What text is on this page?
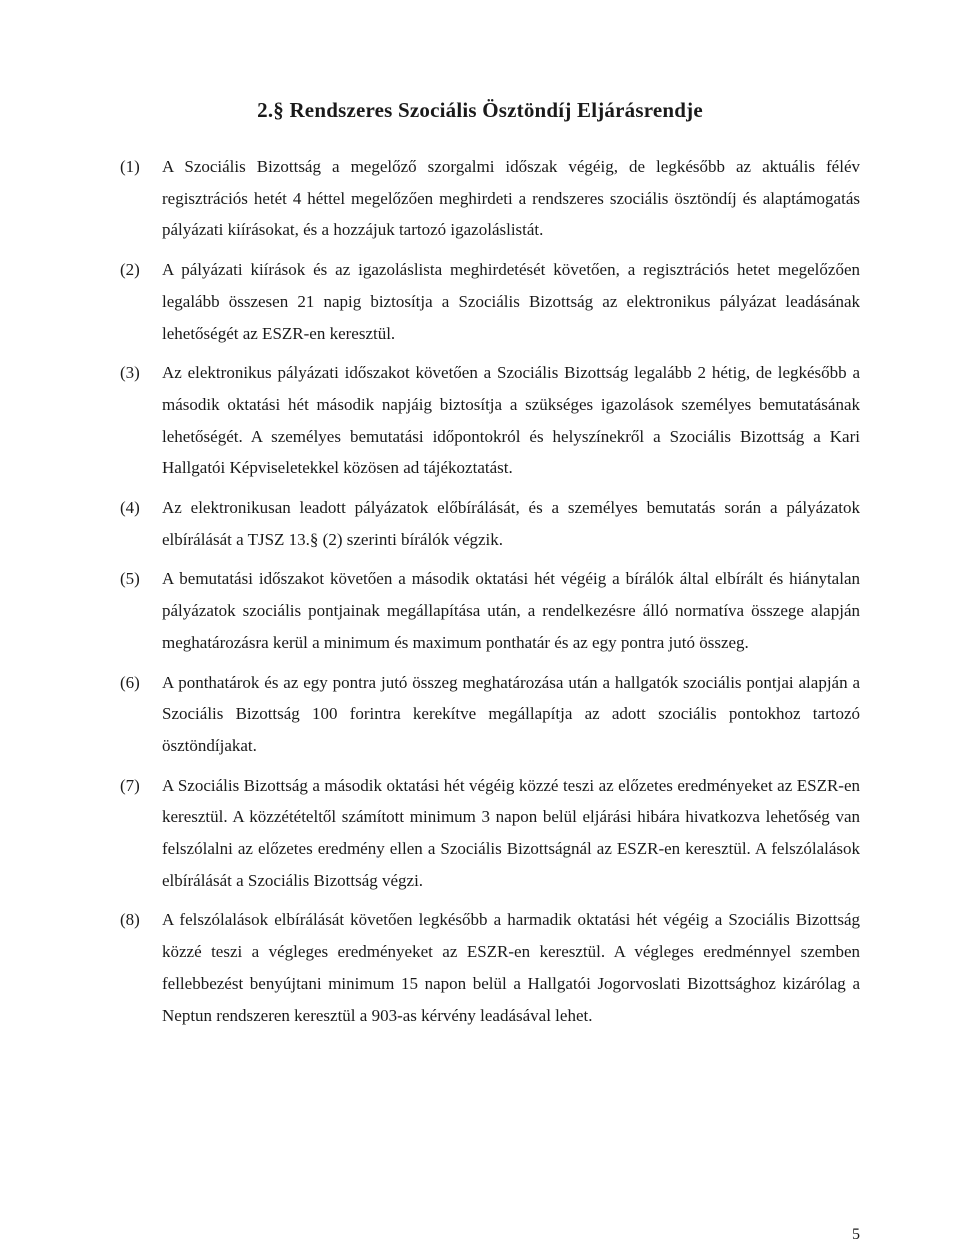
2.§ Rendszeres Szociális Ösztöndíj Eljárásrendje
(1)	A Szociális Bizottság a megelőző szorgalmi időszak végéig, de legkésőbb az aktuális félév regisztrációs hetét 4 héttel megelőzően meghirdeti a rendszeres szociális ösztöndíj és alaptámogatás pályázati kiírásokat, és a hozzájuk tartozó igazoláslistát.
(2)	A pályázati kiírások és az igazoláslista meghirdetését követően, a regisztrációs hetet megelőzően legalább összesen 21 napig biztosítja a Szociális Bizottság az elektronikus pályázat leadásának lehetőségét az ESZR-en keresztül.
(3)	Az elektronikus pályázati időszakot követően a Szociális Bizottság legalább 2 hétig, de legkésőbb a második oktatási hét második napjáig biztosítja a szükséges igazolások személyes bemutatásának lehetőségét. A személyes bemutatási időpontokról és helyszínekről a Szociális Bizottság a Kari Hallgatói Képviseletekkel közösen ad tájékoztatást.
(4)	Az elektronikusan leadott pályázatok előbírálását, és a személyes bemutatás során a pályázatok elbírálását a TJSZ 13.§ (2) szerinti bírálók végzik.
(5)	A bemutatási időszakot követően a második oktatási hét végéig a bírálók által elbírált és hiánytalan pályázatok szociális pontjainak megállapítása után, a rendelkezésre álló normatíva összege alapján meghatározásra kerül a minimum és maximum ponthatár és az egy pontra jutó összeg.
(6)	A ponthatárok és az egy pontra jutó összeg meghatározása után a hallgatók szociális pontjai alapján a Szociális Bizottság 100 forintra kerekítve megállapítja az adott szociális pontokhoz tartozó ösztöndíjakat.
(7)	A Szociális Bizottság a második oktatási hét végéig közzé teszi az előzetes eredményeket az ESZR-en keresztül. A közzétételtől számított minimum 3 napon belül eljárási hibára hivatkozva lehetőség van felszólalni az előzetes eredmény ellen a Szociális Bizottságnál az ESZR-en keresztül. A felszólalások elbírálását a Szociális Bizottság végzi.
(8)	A felszólalások elbírálását követően legkésőbb a harmadik oktatási hét végéig a Szociális Bizottság közzé teszi a végleges eredményeket az ESZR-en keresztül. A végleges eredménnyel szemben fellebbezést benyújtani minimum 15 napon belül a Hallgatói Jogorvoslati Bizottsághoz kizárólag a Neptun rendszeren keresztül a 903-as kérvény leadásával lehet.
5
